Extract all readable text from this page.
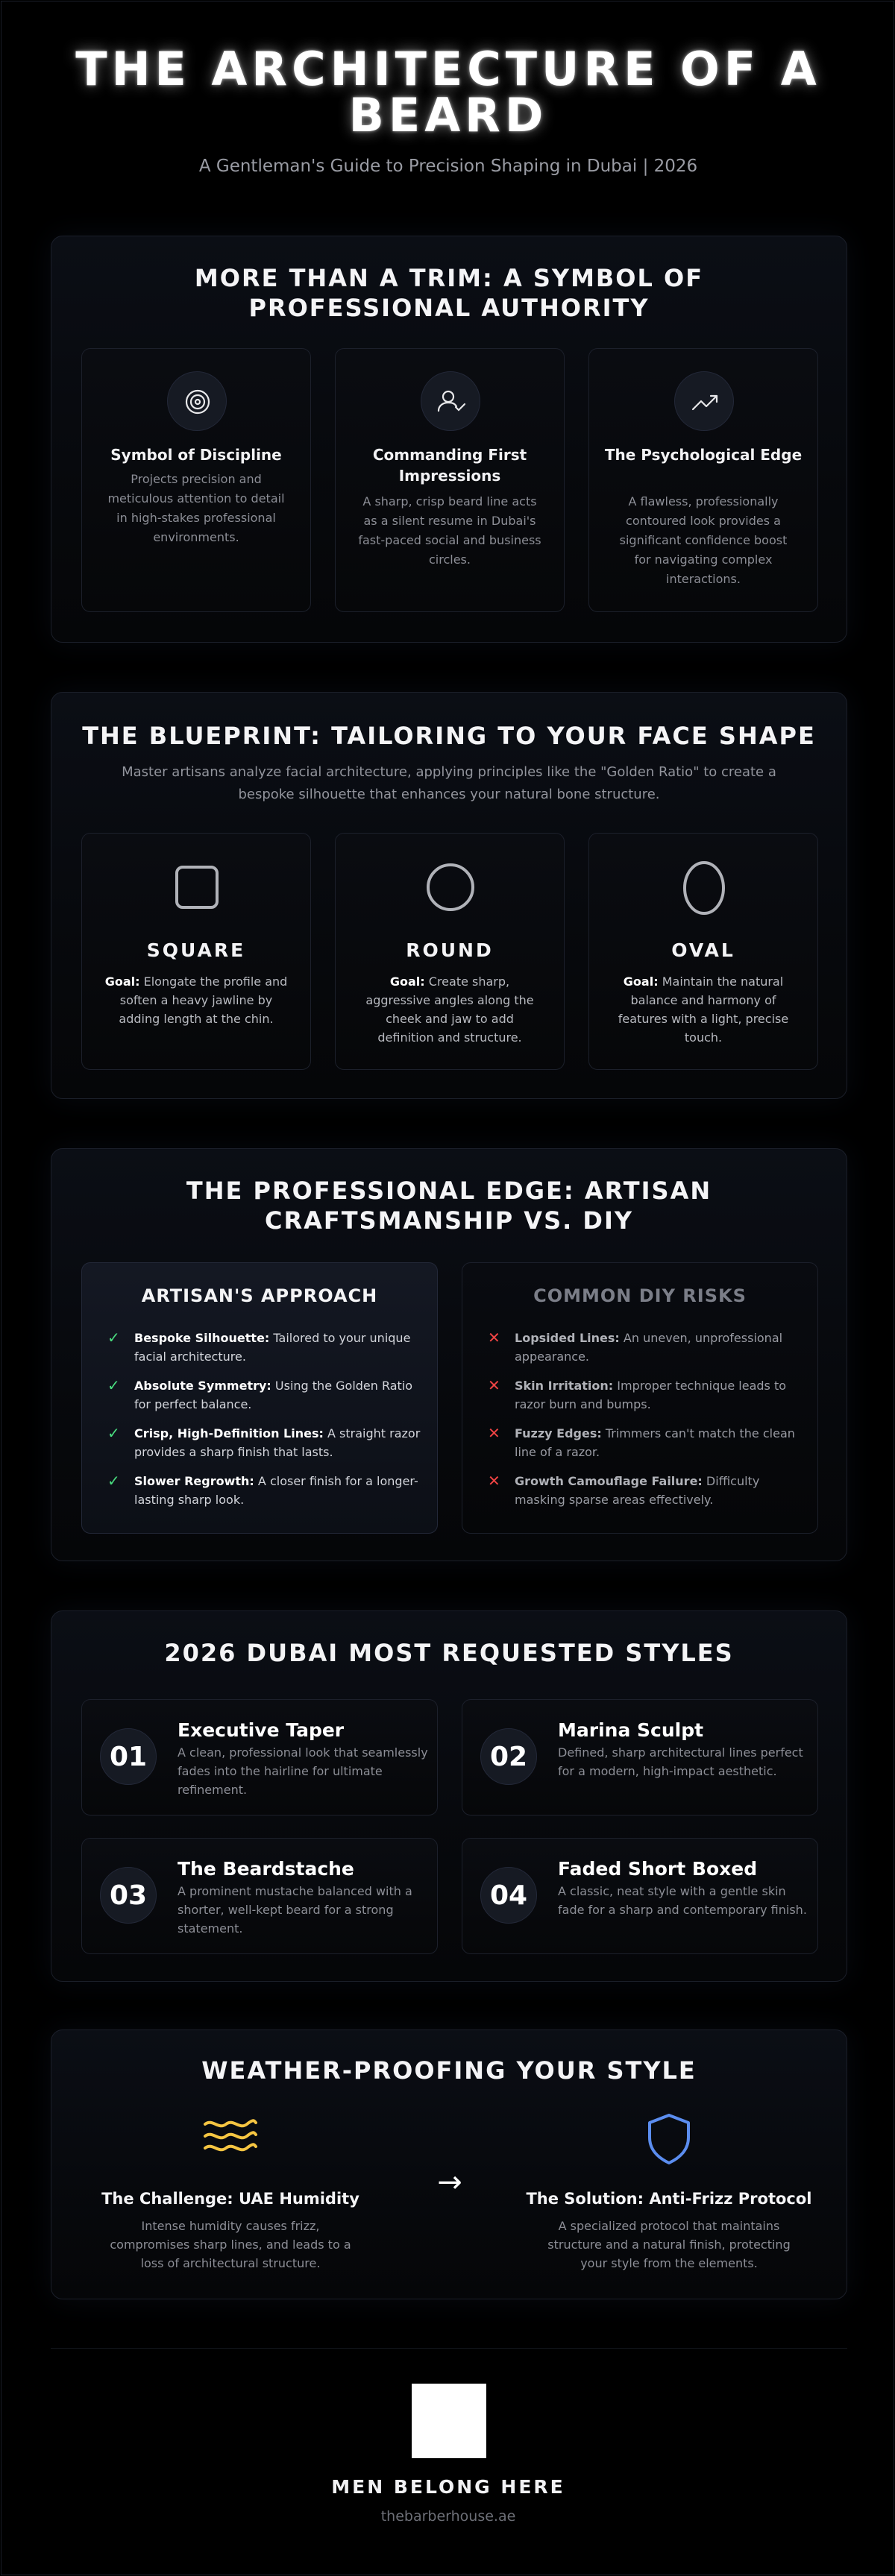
THE ARCHITECTURE OF A BEARD

A Gentleman's Guide to Precision Shaping in Dubai | 2026

MORE THAN A TRIM: A SYMBOL OF PROFESSIONAL AUTHORITY
Symbol of Discipline
Projects precision and meticulous attention to detail in high-stakes professional environments.
Commanding First Impressions
A sharp, crisp beard line acts as a silent resume in Dubai's fast-paced social and business circles.
The Psychological Edge
A flawless, professionally contoured look provides a significant confidence boost for navigating complex interactions.
THE BLUEPRINT: TAILORING TO YOUR FACE SHAPE
Master artisans analyze facial architecture, applying principles like the "Golden Ratio" to create a bespoke silhouette that enhances your natural bone structure.
SQUARE
Goal: Elongate the profile and soften a heavy jawline by adding length at the chin.
ROUND
Goal: Create sharp, aggressive angles along the cheek and jaw to add definition and structure.
OVAL
Goal: Maintain the natural balance and harmony of features with a light, precise touch.
THE PROFESSIONAL EDGE: ARTISAN CRAFTSMANSHIP VS. DIY
ARTISAN'S APPROACH
✓ Bespoke Silhouette: Tailored to your unique facial architecture.
✓ Absolute Symmetry: Using the Golden Ratio for perfect balance.
✓ Crisp, High-Definition Lines: A straight razor provides a sharp finish that lasts.
✓ Slower Regrowth: A closer finish for a longer-lasting sharp look.
COMMON DIY RISKS
✕ Lopsided Lines: An uneven, unprofessional appearance.
✕ Skin Irritation: Improper technique leads to razor burn and bumps.
✕ Fuzzy Edges: Trimmers can't match the clean line of a razor.
✕ Growth Camouflage Failure: Difficulty masking sparse areas effectively.
2026 DUBAI MOST REQUESTED STYLES
01
Executive Taper
A clean, professional look that seamlessly fades into the hairline for ultimate refinement.
02
Marina Sculpt
Defined, sharp architectural lines perfect for a modern, high-impact aesthetic.
03
The Beardstache
A prominent mustache balanced with a shorter, well-kept beard for a strong statement.
04
Faded Short Boxed
A classic, neat style with a gentle skin fade for a sharp and contemporary finish.
WEATHER-PROOFING YOUR STYLE
The Challenge: UAE Humidity
Intense humidity causes frizz, compromises sharp lines, and leads to a loss of architectural structure.
→	The Solution: Anti-Frizz Protocol
A specialized protocol that maintains structure and a natural finish, protecting your style from the elements.
MEN BELONG HERE
thebarberhouse.ae
